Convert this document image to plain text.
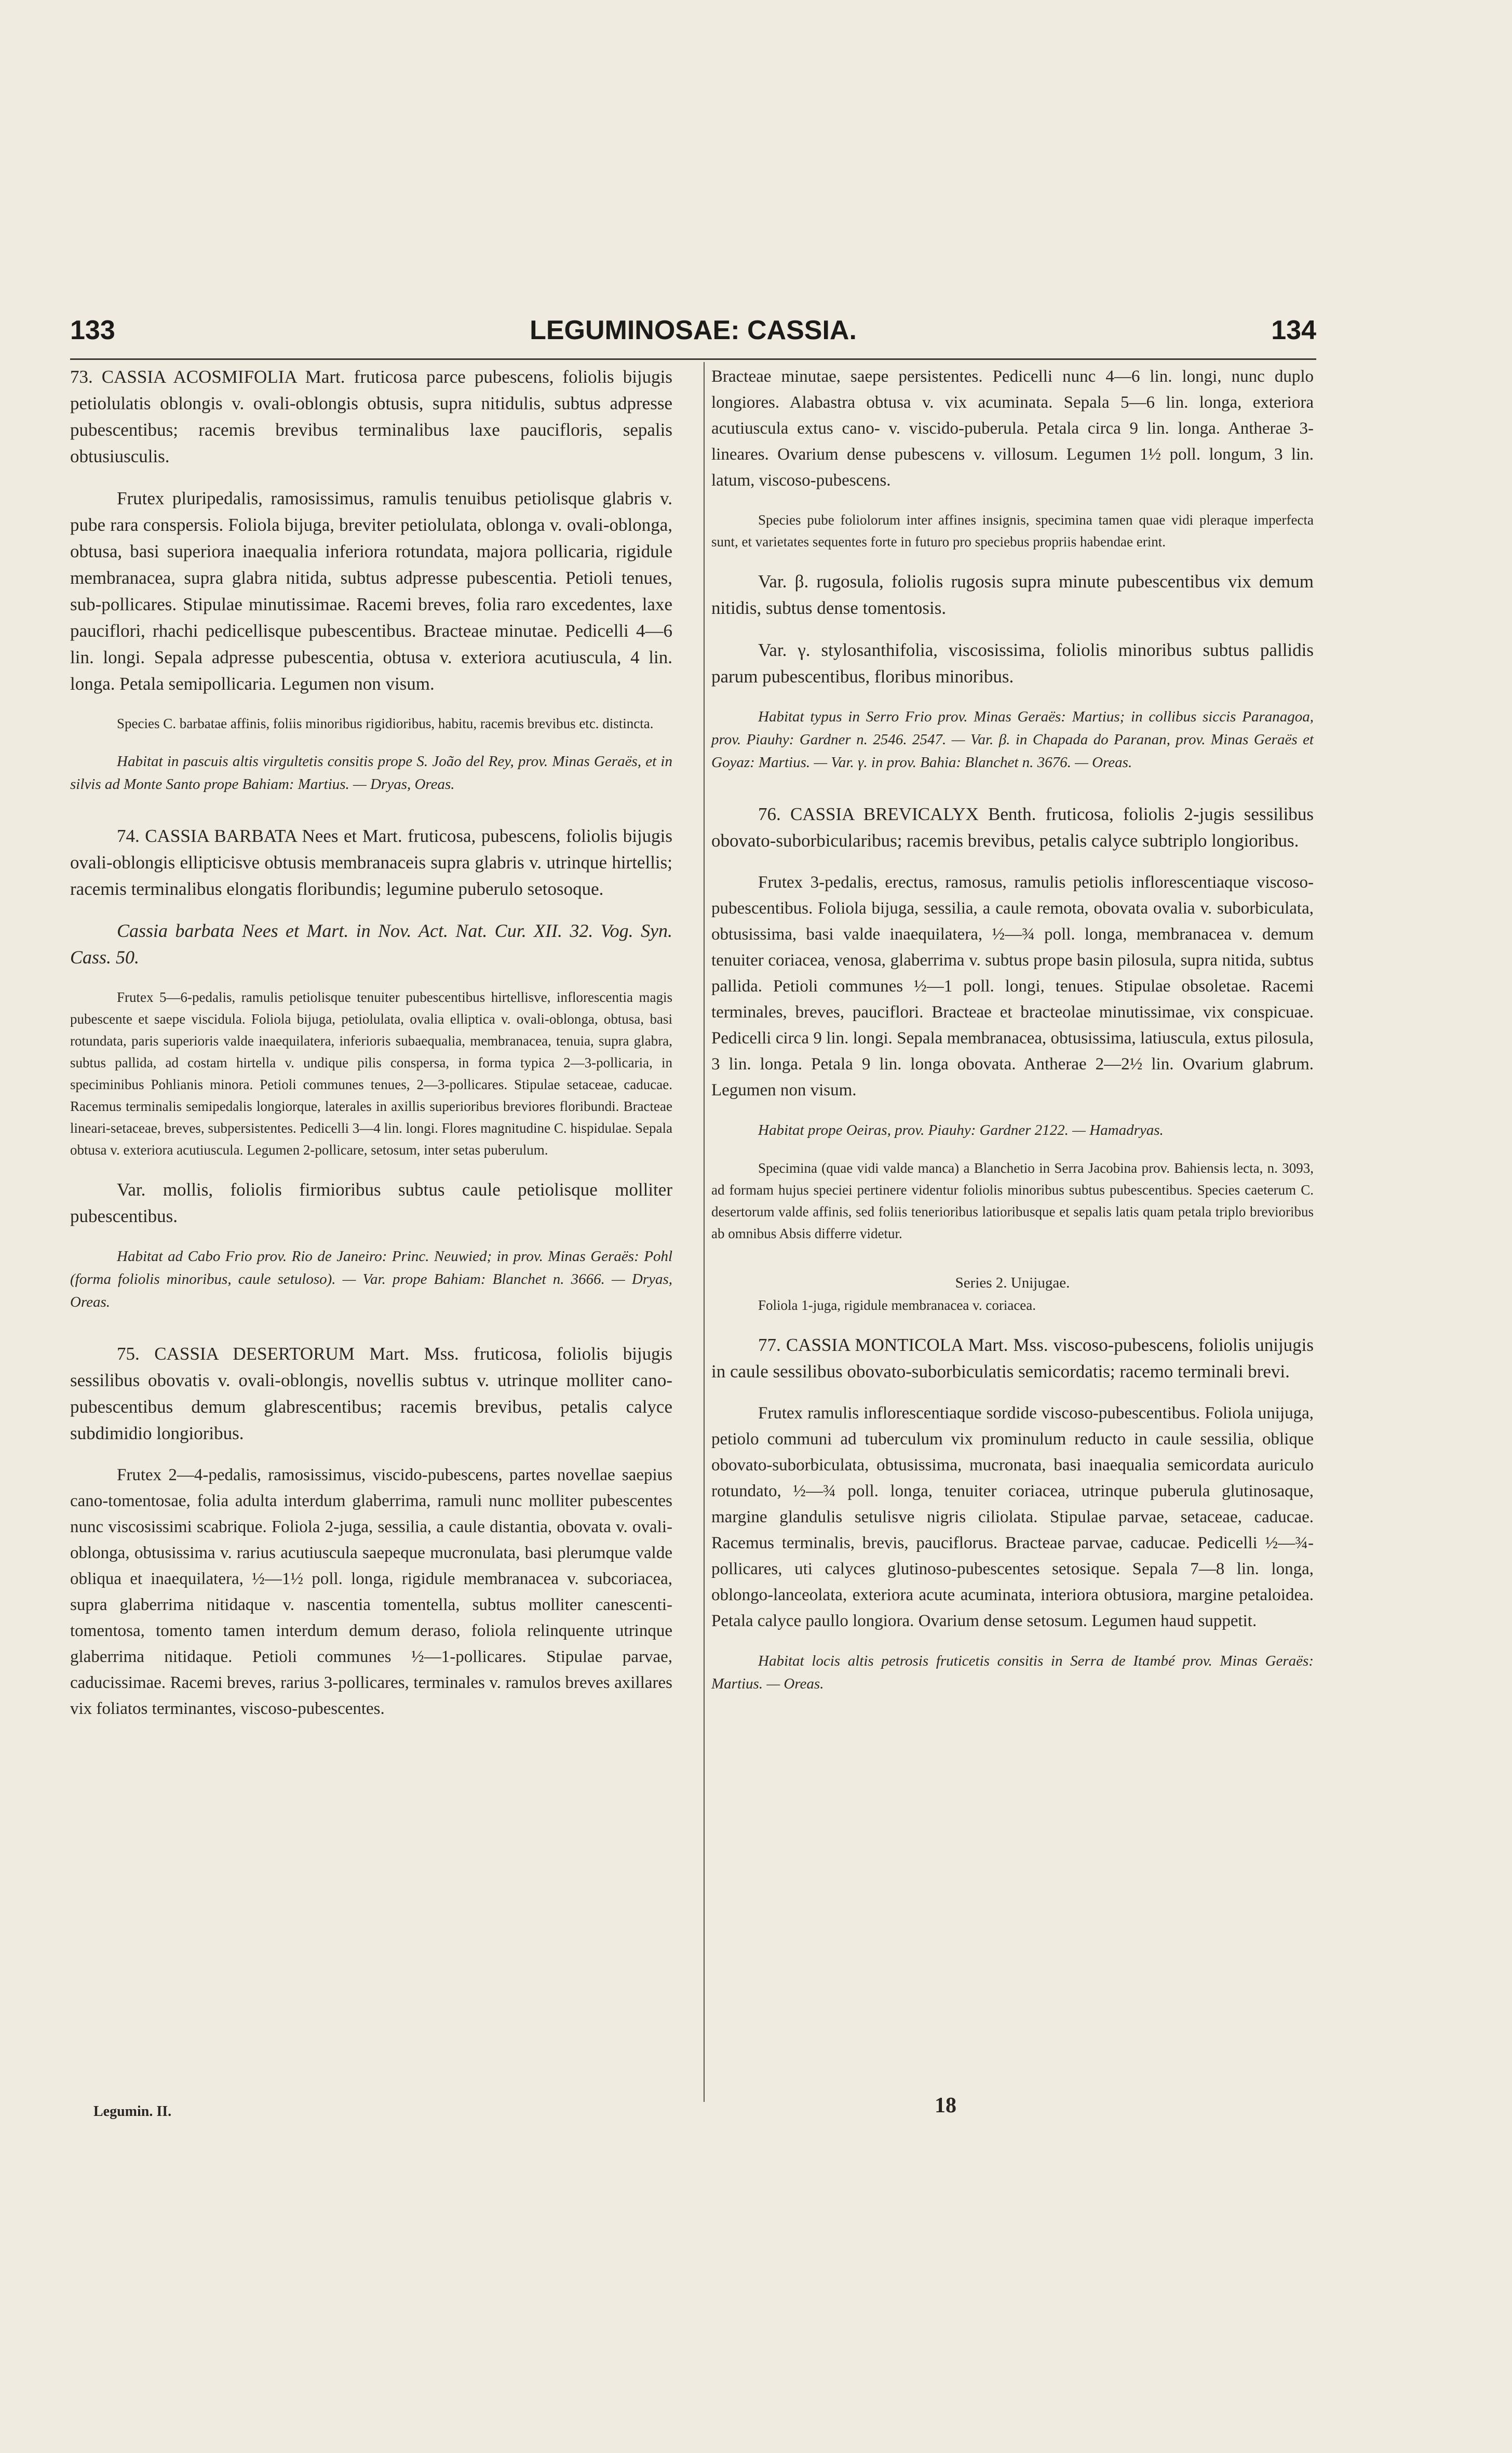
133	LEGUMINOSAE: CASSIA.	134

73. CASSIA ACOSMIFOLIA Mart. fruticosa parce pubescens, foliolis bijugis petiolulatis oblongis v. ovali-oblongis obtusis, supra nitidulis, subtus adpresse pubescentibus; racemis brevibus terminalibus laxe paucifloris, sepalis obtusiusculis.

Frutex pluripedalis, ramosissimus, ramulis tenuibus petiolisque glabris v. pube rara conspersis. Foliola bijuga, breviter petiolulata, oblonga v. ovali-oblonga, obtusa, basi superiora inaequalia inferiora rotundata, majora pollicaria, rigidule membranacea, supra glabra nitida, subtus adpresse pubescentia. Petioli tenues, sub-pollicares. Stipulae minutissimae. Racemi breves, folia raro excedentes, laxe pauciflori, rhachi pedicellisque pubescentibus. Bracteae minutae. Pedicelli 4—6 lin. longi. Sepala adpresse pubescentia, obtusa v. exteriora acutiuscula, 4 lin. longa. Petala semipollicaria. Legumen non visum.

Species C. barbatae affinis, foliis minoribus rigidioribus, habitu, racemis brevibus etc. distincta.

Habitat in pascuis altis virgultetis consitis prope S. João del Rey, prov. Minas Geraës, et in silvis ad Monte Santo prope Bahiam: Martius. — Dryas, Oreas.

74. CASSIA BARBATA Nees et Mart. fruticosa, pubescens, foliolis bijugis ovali-oblongis ellipticisve obtusis membranaceis supra glabris v. utrinque hirtellis; racemis terminalibus elongatis floribundis; legumine puberulo setosoque.

Cassia barbata Nees et Mart. in Nov. Act. Nat. Cur. XII. 32. Vog. Syn. Cass. 50.

Frutex 5—6-pedalis, ramulis petiolisque tenuiter pubescentibus hirtellisve, inflorescentia magis pubescente et saepe viscidula. Foliola bijuga, petiolulata, ovalia elliptica v. ovali-oblonga, obtusa, basi rotundata, paris superioris valde inaequilatera, inferioris subaequalia, membranacea, tenuia, supra glabra, subtus pallida, ad costam hirtella v. undique pilis conspersa, in forma typica 2—3-pollicaria, in speciminibus Pohlianis minora. Petioli communes tenues, 2—3-pollicares. Stipulae setaceae, caducae. Racemus terminalis semipedalis longiorque, laterales in axillis superioribus breviores floribundi. Bracteae lineari-setaceae, breves, subpersistentes. Pedicelli 3—4 lin. longi. Flores magnitudine C. hispidulae. Sepala obtusa v. exteriora acutiuscula. Legumen 2-pollicare, setosum, inter setas puberulum.

Var. mollis, foliolis firmioribus subtus caule petiolisque molliter pubescentibus.

Habitat ad Cabo Frio prov. Rio de Janeiro: Princ. Neuwied; in prov. Minas Geraës: Pohl (forma foliolis minoribus, caule setuloso). — Var. prope Bahiam: Blanchet n. 3666. — Dryas, Oreas.

75. CASSIA DESERTORUM Mart. Mss. fruticosa, foliolis bijugis sessilibus obovatis v. ovali-oblongis, novellis subtus v. utrinque molliter cano-pubescentibus demum glabrescentibus; racemis brevibus, petalis calyce subdimidio longioribus.

Frutex 2—4-pedalis, ramosissimus, viscido-pubescens, partes novellae saepius cano-tomentosae, folia adulta interdum glaberrima, ramuli nunc molliter pubescentes nunc viscosissimi scabrique. Foliola 2-juga, sessilia, a caule distantia, obovata v. ovali-oblonga, obtusissima v. rarius acutiuscula saepeque mucronulata, basi plerumque valde obliqua et inaequilatera, ½—1½ poll. longa, rigidule membranacea v. subcoriacea, supra glaberrima nitidaque v. nascentia tomentella, subtus molliter canescenti-tomentosa, tomento tamen interdum demum deraso, foliola relinquente utrinque glaberrima nitidaque. Petioli communes ½—1-pollicares. Stipulae parvae, caducissimae. Racemi breves, rarius 3-pollicares, terminales v. ramulos breves axillares vix foliatos terminantes, viscoso-pubescentes.

Bracteae minutae, saepe persistentes. Pedicelli nunc 4—6 lin. longi, nunc duplo longiores. Alabastra obtusa v. vix acuminata. Sepala 5—6 lin. longa, exteriora acutiuscula extus cano- v. viscido-puberula. Petala circa 9 lin. longa. Antherae 3-lineares. Ovarium dense pubescens v. villosum. Legumen 1½ poll. longum, 3 lin. latum, viscoso-pubescens.

Species pube foliolorum inter affines insignis, specimina tamen quae vidi pleraque imperfecta sunt, et varietates sequentes forte in futuro pro speciebus propriis habendae erint.

Var. β. rugosula, foliolis rugosis supra minute pubescentibus vix demum nitidis, subtus dense tomentosis.

Var. γ. stylosanthifolia, viscosissima, foliolis minoribus subtus pallidis parum pubescentibus, floribus minoribus.

Habitat typus in Serro Frio prov. Minas Geraës: Martius; in collibus siccis Paranagoa, prov. Piauhy: Gardner n. 2546. 2547. — Var. β. in Chapada do Paranan, prov. Minas Geraës et Goyaz: Martius. — Var. γ. in prov. Bahia: Blanchet n. 3676. — Oreas.

76. CASSIA BREVICALYX Benth. fruticosa, foliolis 2-jugis sessilibus obovato-suborbicularibus; racemis brevibus, petalis calyce subtriplo longioribus.

Frutex 3-pedalis, erectus, ramosus, ramulis petiolis inflorescentiaque viscoso-pubescentibus. Foliola bijuga, sessilia, a caule remota, obovata ovalia v. suborbiculata, obtusissima, basi valde inaequilatera, ½—¾ poll. longa, membranacea v. demum tenuiter coriacea, venosa, glaberrima v. subtus prope basin pilosula, supra nitida, subtus pallida. Petioli communes ½—1 poll. longi, tenues. Stipulae obsoletae. Racemi terminales, breves, pauciflori. Bracteae et bracteolae minutissimae, vix conspicuae. Pedicelli circa 9 lin. longi. Sepala membranacea, obtusissima, latiuscula, extus pilosula, 3 lin. longa. Petala 9 lin. longa obovata. Antherae 2—2½ lin. Ovarium glabrum. Legumen non visum.

Habitat prope Oeiras, prov. Piauhy: Gardner 2122. — Hamadryas.

Specimina (quae vidi valde manca) a Blanchetio in Serra Jacobina prov. Bahiensis lecta, n. 3093, ad formam hujus speciei pertinere videntur foliolis minoribus subtus pubescentibus. Species caeterum C. desertorum valde affinis, sed foliis tenerioribus latioribusque et sepalis latis quam petala triplo brevioribus ab omnibus Absis differre videtur.

Series 2. Unijugae.

Foliola 1-juga, rigidule membranacea v. coriacea.

77. CASSIA MONTICOLA Mart. Mss. viscoso-pubescens, foliolis unijugis in caule sessilibus obovato-suborbiculatis semicordatis; racemo terminali brevi.

Frutex ramulis inflorescentiaque sordide viscoso-pubescentibus. Foliola unijuga, petiolo communi ad tuberculum vix prominulum reducto in caule sessilia, oblique obovato-suborbiculata, obtusissima, mucronata, basi inaequalia semicordata auriculo rotundato, ½—¾ poll. longa, tenuiter coriacea, utrinque puberula glutinosaque, margine glandulis setulisve nigris ciliolata. Stipulae parvae, setaceae, caducae. Racemus terminalis, brevis, pauciflorus. Bracteae parvae, caducae. Pedicelli ½—¾-pollicares, uti calyces glutinoso-pubescentes setosique. Sepala 7—8 lin. longa, oblongo-lanceolata, exteriora acute acuminata, interiora obtusiora, margine petaloidea. Petala calyce paullo longiora. Ovarium dense setosum. Legumen haud suppetit.

Habitat locis altis petrosis fruticetis consitis in Serra de Itambé prov. Minas Geraës: Martius. — Oreas.

Legumin. II.	18
